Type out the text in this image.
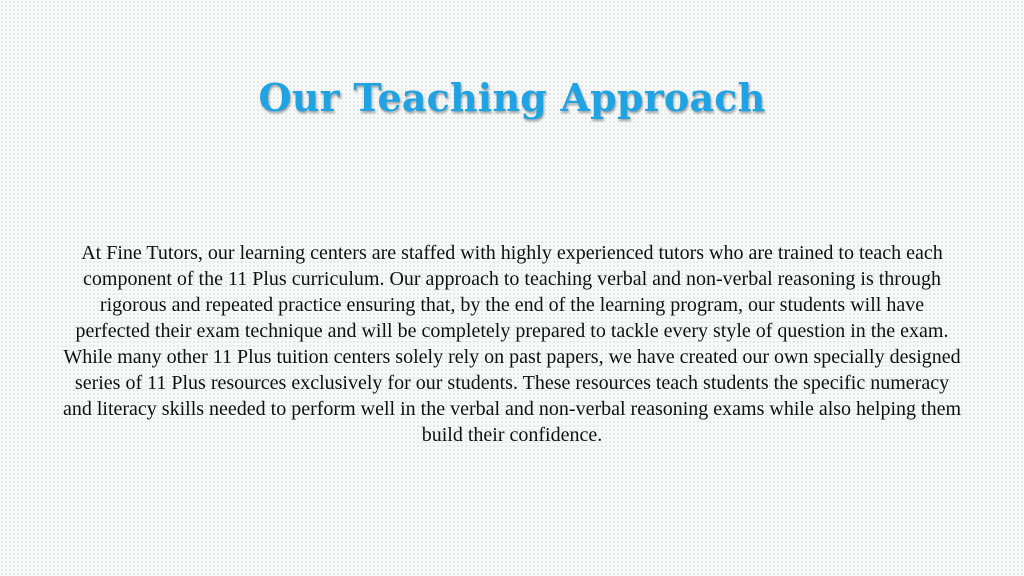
Our Teaching Approach
At Fine Tutors, our learning centers are staffed with highly experienced tutors who are trained to teach each component of the 11 Plus curriculum. Our approach to teaching verbal and non-verbal reasoning is through rigorous and repeated practice ensuring that, by the end of the learning program, our students will have perfected their exam technique and will be completely prepared to tackle every style of question in the exam. While many other 11 Plus tuition centers solely rely on past papers, we have created our own specially designed series of 11 Plus resources exclusively for our students. These resources teach students the specific numeracy and literacy skills needed to perform well in the verbal and non-verbal reasoning exams while also helping them build their confidence.
